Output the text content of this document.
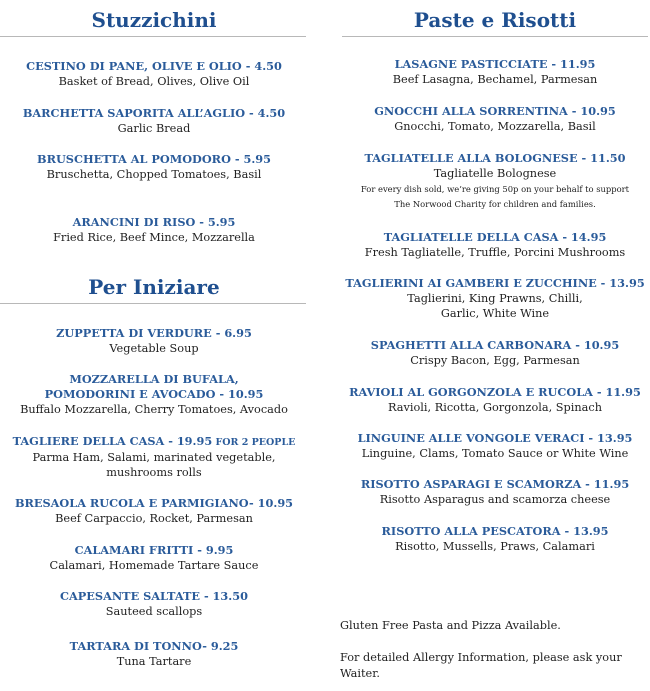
Stuzzichini
CESTINO DI PANE, OLIVE E OLIO - 4.50
Basket of Bread, Olives, Olive Oil
BARCHETTA SAPORITA ALL’AGLIO - 4.50
Garlic Bread
BRUSCHETTA AL POMODORO - 5.95
Bruschetta, Chopped Tomatoes, Basil
ARANCINI DI RISO - 5.95
Fried Rice, Beef Mince, Mozzarella
Per Iniziare
ZUPPETTA DI VERDURE - 6.95
Vegetable Soup
MOZZARELLA DI BUFALA,
POMODORINI E AVOCADO - 10.95
Buffalo Mozzarella, Cherry Tomatoes, Avocado
TAGLIERE DELLA CASA - 19.95 FOR 2 PEOPLE
Parma Ham, Salami, marinated vegetable,
mushrooms rolls
BRESAOLA RUCOLA E PARMIGIANO- 10.95
Beef Carpaccio, Rocket, Parmesan
CALAMARI FRITTI - 9.95
Calamari, Homemade Tartare Sauce
CAPESANTE SALTATE - 13.50
Sauteed scallops
TARTARA DI TONNO- 9.25
Tuna Tartare
Paste e Risotti
LASAGNE PASTICCIATE - 11.95
Beef Lasagna, Bechamel, Parmesan
GNOCCHI ALLA SORRENTINA - 10.95
Gnocchi, Tomato, Mozzarella, Basil
TAGLIATELLE ALLA BOLOGNESE - 11.50
Tagliatelle Bolognese
For every dish sold, we’re giving 50p on your behalf to support
The Norwood Charity for children and families.
TAGLIATELLE DELLA CASA - 14.95
Fresh Tagliatelle, Truffle, Porcini Mushrooms
TAGLIERINI AI GAMBERI E ZUCCHINE - 13.95
Taglierini, King Prawns, Chilli,
Garlic, White Wine
SPAGHETTI ALLA CARBONARA - 10.95
Crispy Bacon, Egg, Parmesan
RAVIOLI AL GORGONZOLA E RUCOLA - 11.95
Ravioli, Ricotta, Gorgonzola, Spinach
LINGUINE ALLE VONGOLE VERACI - 13.95
Linguine, Clams, Tomato Sauce or White Wine
RISOTTO ASPARAGI E SCAMORZA - 11.95
Risotto Asparagus and scamorza cheese
RISOTTO ALLA PESCATORA - 13.95
Risotto, Mussells, Praws, Calamari
Gluten Free Pasta and Pizza Available.
For detailed Allergy Information, please ask your Waiter.
